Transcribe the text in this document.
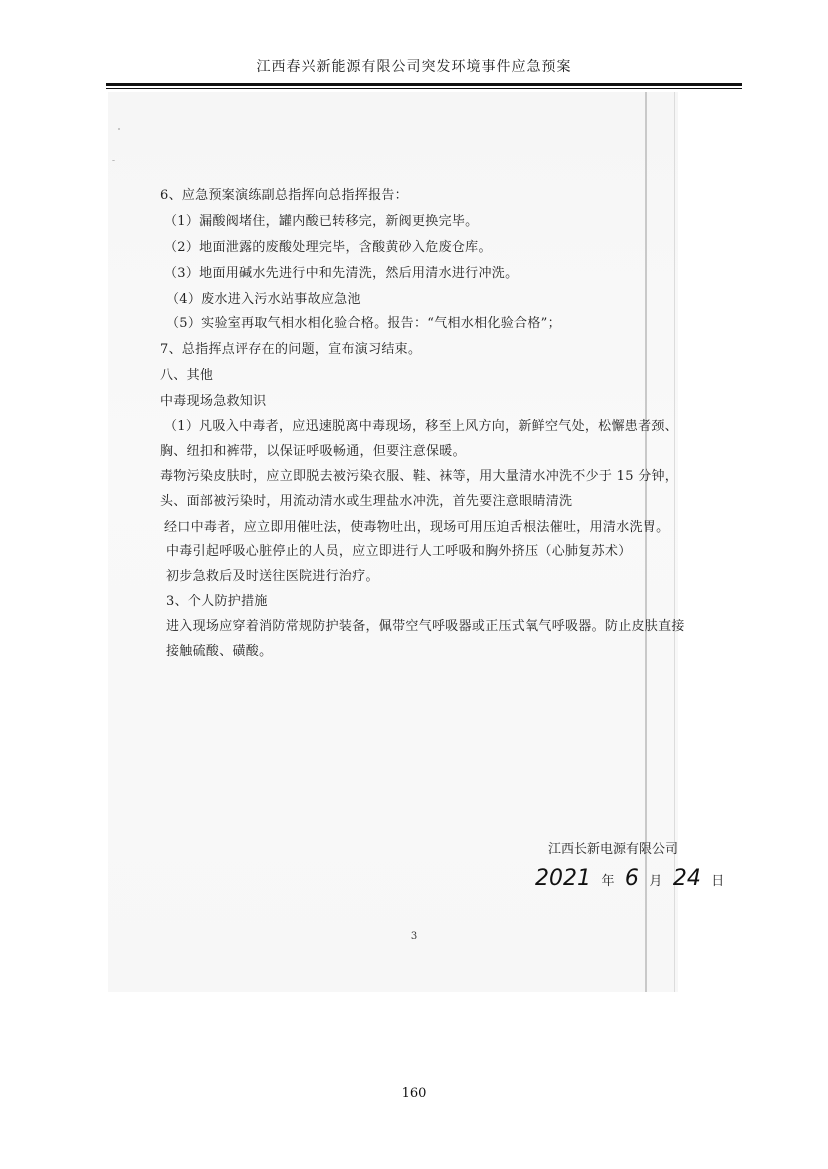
江西春兴新能源有限公司突发环境事件应急预案
6、应急预案演练副总指挥向总指挥报告：
（1）漏酸阀堵住，罐内酸已转移完，新阀更换完毕。
（2）地面泄露的废酸处理完毕，含酸黄砂入危废仓库。
（3）地面用碱水先进行中和先清洗，然后用清水进行冲洗。
（4）废水进入污水站事故应急池
（5）实验室再取气相水相化验合格。报告：“气相水相化验合格”；
7、总指挥点评存在的问题，宣布演习结束。
八、其他
中毒现场急救知识
（1）凡吸入中毒者，应迅速脱离中毒现场，移至上风方向，新鲜空气处，松懈患者颈、
胸、纽扣和裤带，以保证呼吸畅通，但要注意保暖。
毒物污染皮肤时，应立即脱去被污染衣服、鞋、袜等，用大量清水冲洗不少于 15 分钟，
头、面部被污染时，用流动清水或生理盐水冲洗，首先要注意眼睛清洗
经口中毒者，应立即用催吐法，使毒物吐出，现场可用压迫舌根法催吐，用清水洗胃。
中毒引起呼吸心脏停止的人员，应立即进行人工呼吸和胸外挤压（心肺复苏术）
初步急救后及时送往医院进行治疗。
3、个人防护措施
进入现场应穿着消防常规防护装备，佩带空气呼吸器或正压式氧气呼吸器。防止皮肤直接
接触硫酸、磺酸。
江西长新电源有限公司
2021 年 6 月 24 日
3
160
